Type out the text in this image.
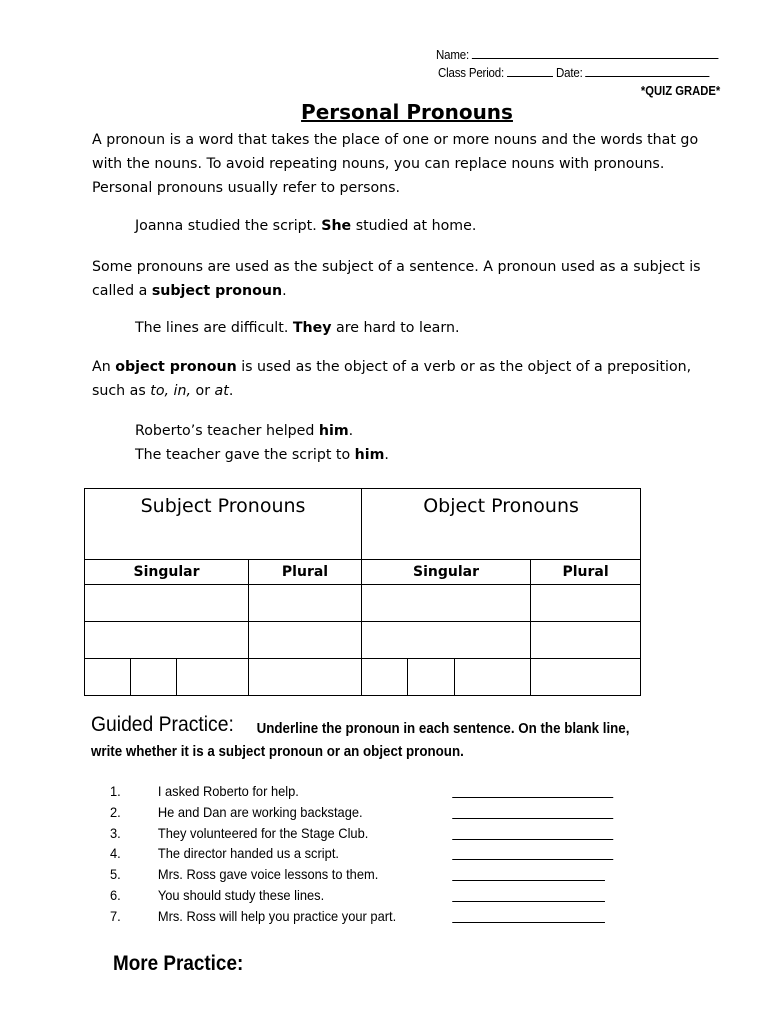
Name:
Class Period:	Date:
*QUIZ GRADE*
Personal Pronouns
A pronoun is a word that takes the place of one or more nouns and the words that go with the nouns. To avoid repeating nouns, you can replace nouns with pronouns. Personal pronouns usually refer to persons.
Joanna studied the script. She studied at home.
Some pronouns are used as the subject of a sentence. A pronoun used as a subject is called a subject pronoun.
The lines are difficult. They are hard to learn.
An object pronoun is used as the object of a verb or as the object of a preposition, such as to, in, or at.
Roberto’s teacher helped him.
The teacher gave the script to him.
Subject Pronouns				Object Pronouns			
Singular			Plural	Singular			Plural

Guided Practice:	Underline the pronoun in each sentence. On the blank line,
write whether it is a subject pronoun or an object pronoun.
1.	I asked Roberto for help.
2.	He and Dan are working backstage.
3.	They volunteered for the Stage Club.
4.	The director handed us a script.
5.	Mrs. Ross gave voice lessons to them.
6.	You should study these lines.
7.	Mrs. Ross will help you practice your part.
More Practice:
